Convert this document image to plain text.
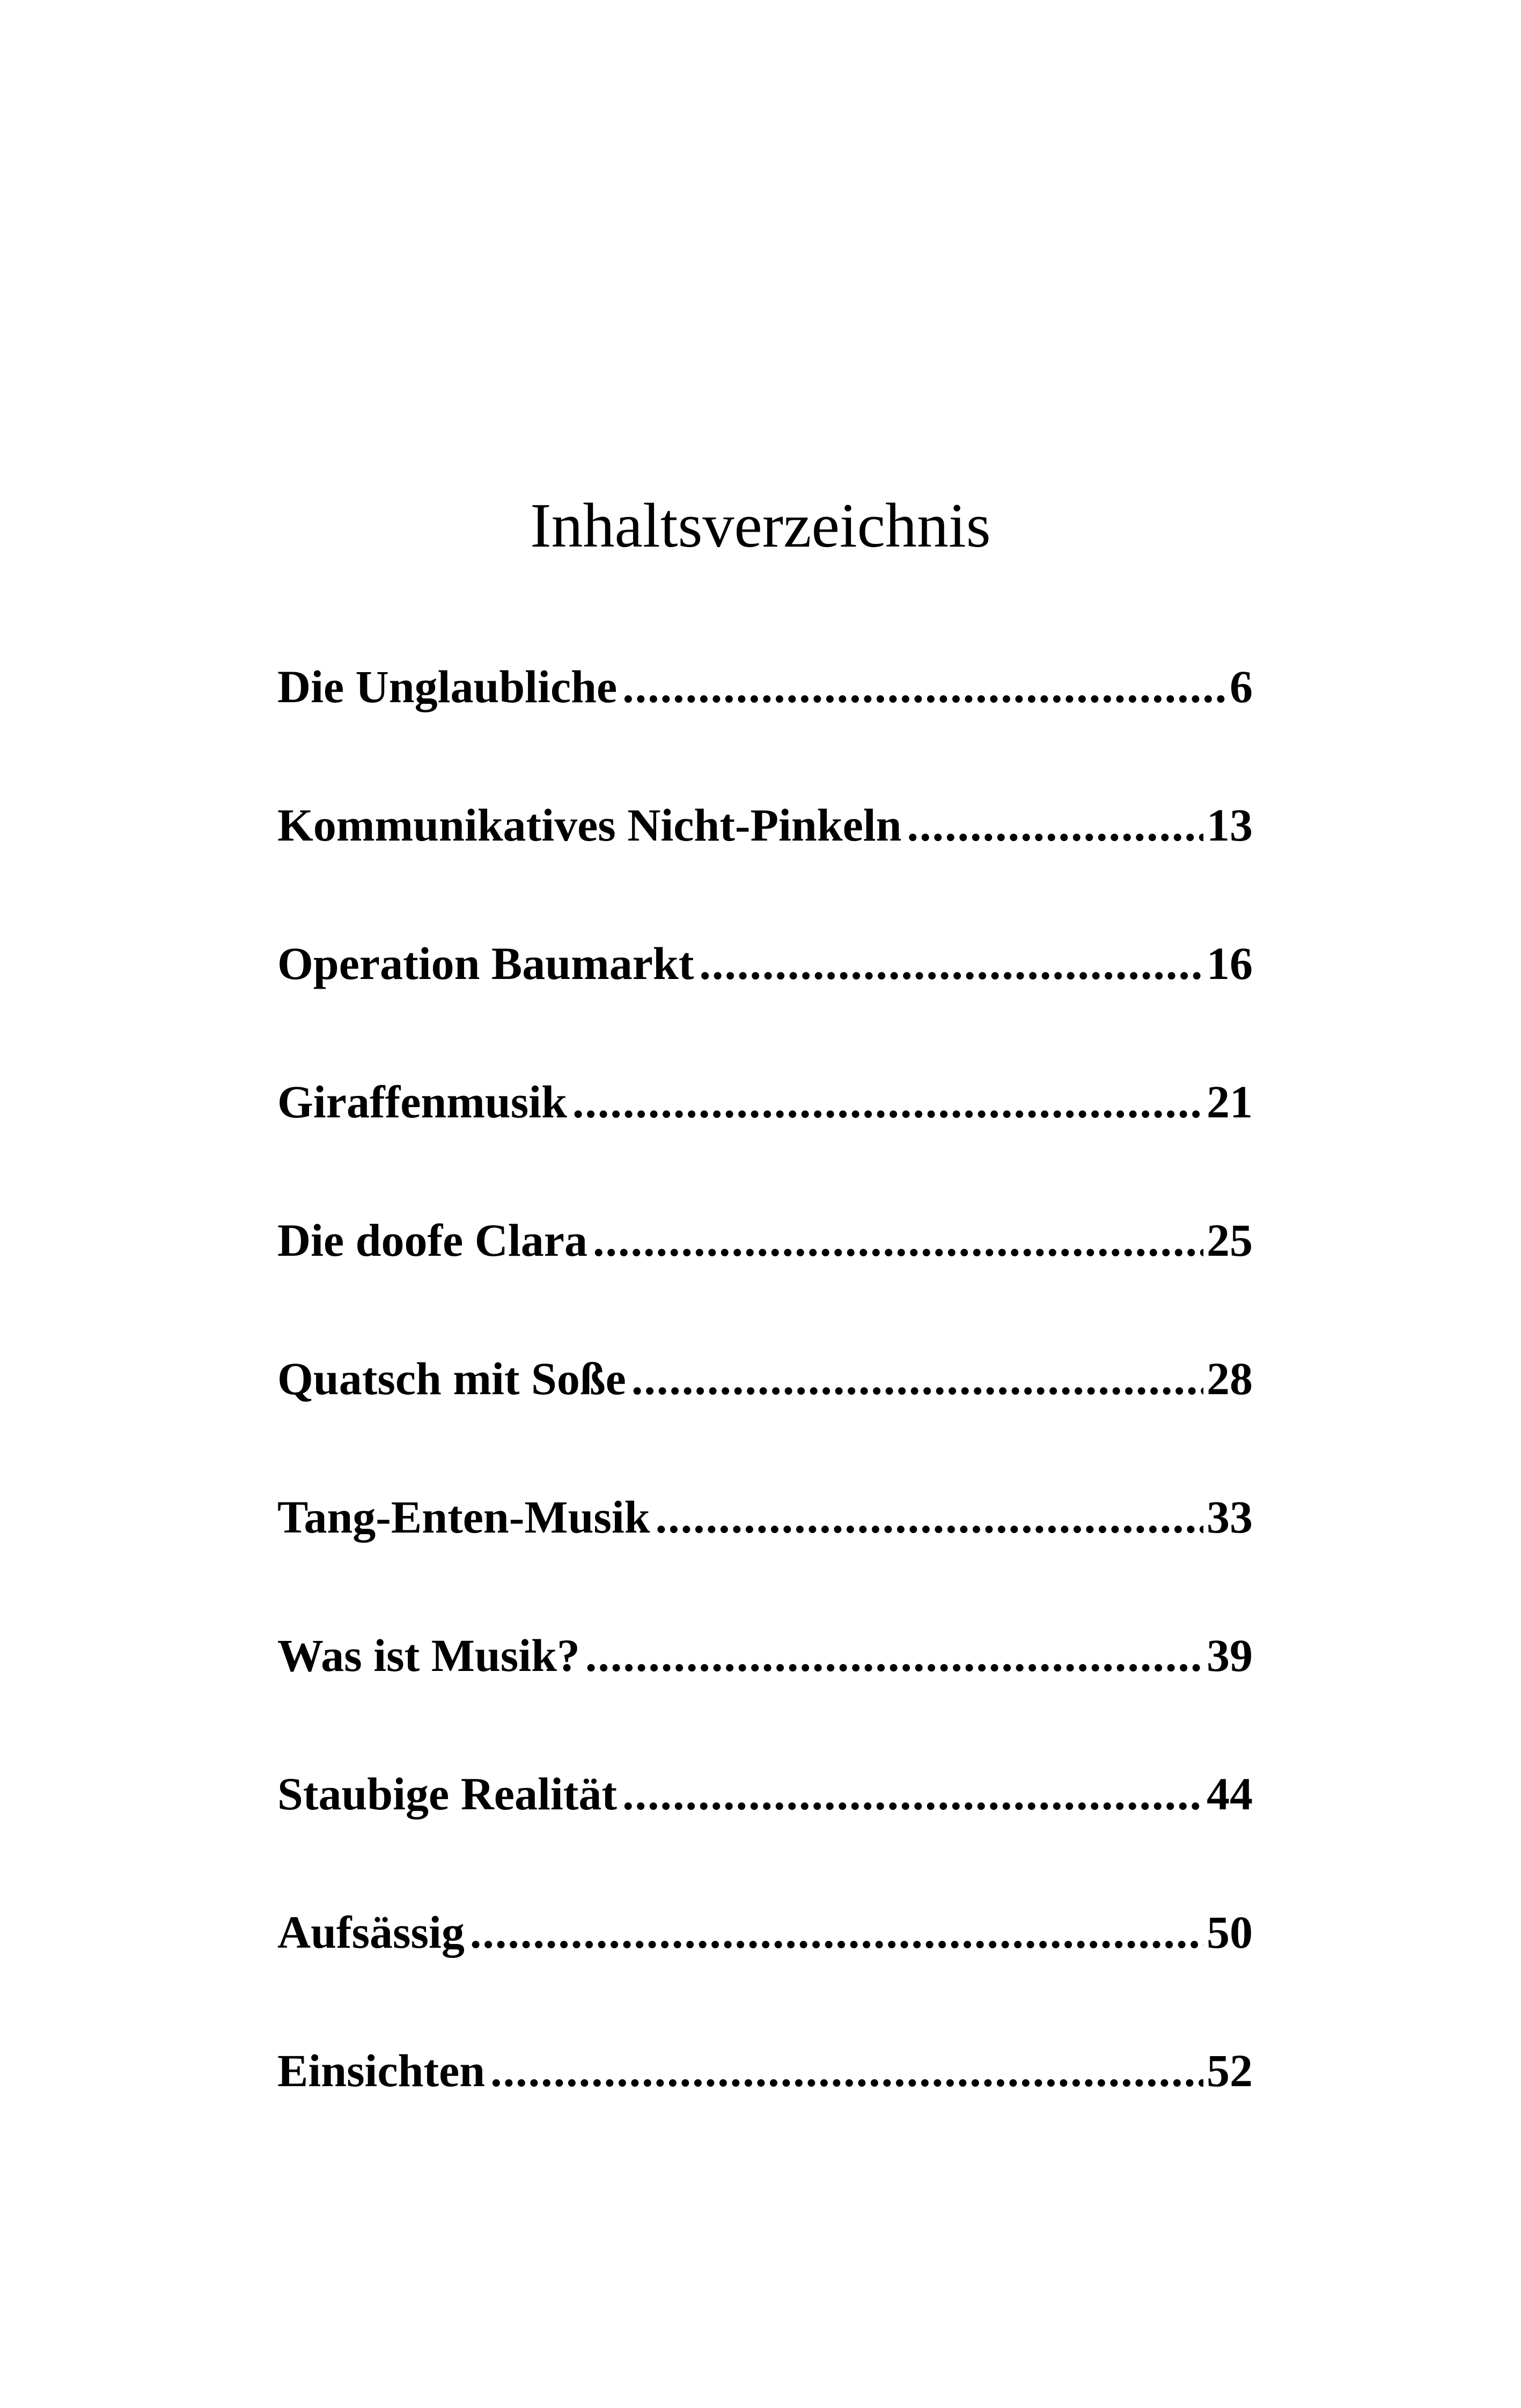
Inhaltsverzeichnis
Die Unglaubliche .....	6
Kommunikatives Nicht-Pinkeln .....	13
Operation Baumarkt .....	16
Giraffenmusik .....	21
Die doofe Clara .....	25
Quatsch mit Soße .....	28
Tang-Enten-Musik .....	33
Was ist Musik? .....	39
Staubige Realität .....	44
Aufsässig .....	50
Einsichten .....	52
